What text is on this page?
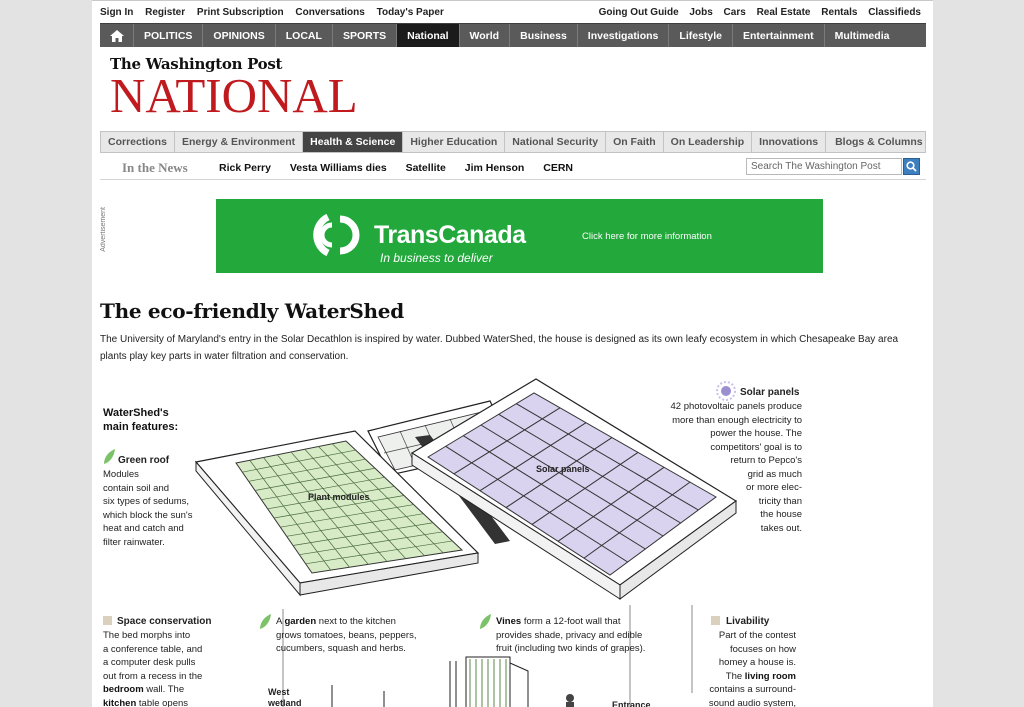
Sign In Register Print Subscription Conversations Today's Paper	Going Out Guide Jobs Cars Real Estate Rentals Classifieds
POLITICS	OPINIONS	LOCAL	SPORTS	National	World	Business	Investigations	Lifestyle	Entertainment	Multimedia
The Washington Post
NATIONAL
Corrections	Energy & Environment	Health & Science	Higher Education	National Security	On Faith	On Leadership	Innovations	Blogs & Columns
In the News	Rick Perry Vesta Williams dies Satellite Jim Henson CERN	Search The Washington Post
Advertisement	TransCanada
In business to deliver
Click here for more information
The eco-friendly WaterShed
The University of Maryland's entry in the Solar Decathlon is inspired by water. Dubbed WaterShed, the house is designed as its own leafy ecosystem in which Chesapeake Bay area plants play key parts in water filtration and conservation.
WaterShed's
main features:
Green roof
Modules
contain soil and
six types of sedums,
which block the sun's
heat and catch and
filter rainwater.
Solar panels
42 photovoltaic panels produce
more than enough electricity to
power the house. The
competitors' goal is to
return to Pepco's
grid as much
or more elec-
tricity than
the house
takes out.
Plant modules
Solar panels
Space conservation
The bed morphs into
a conference table, and
a computer desk pulls
out from a recess in the
bedroom wall. The
kitchen table opens
A garden next to the kitchen
grows tomatoes, beans, peppers,
cucumbers, squash and herbs.
Vines form a 12-foot wall that
provides shade, privacy and edible
fruit (including two kinds of grapes).
Livability
Part of the contest
focuses on how
homey a house is.
The living room
contains a surround-
sound audio system,
West
wetland	Entrance
